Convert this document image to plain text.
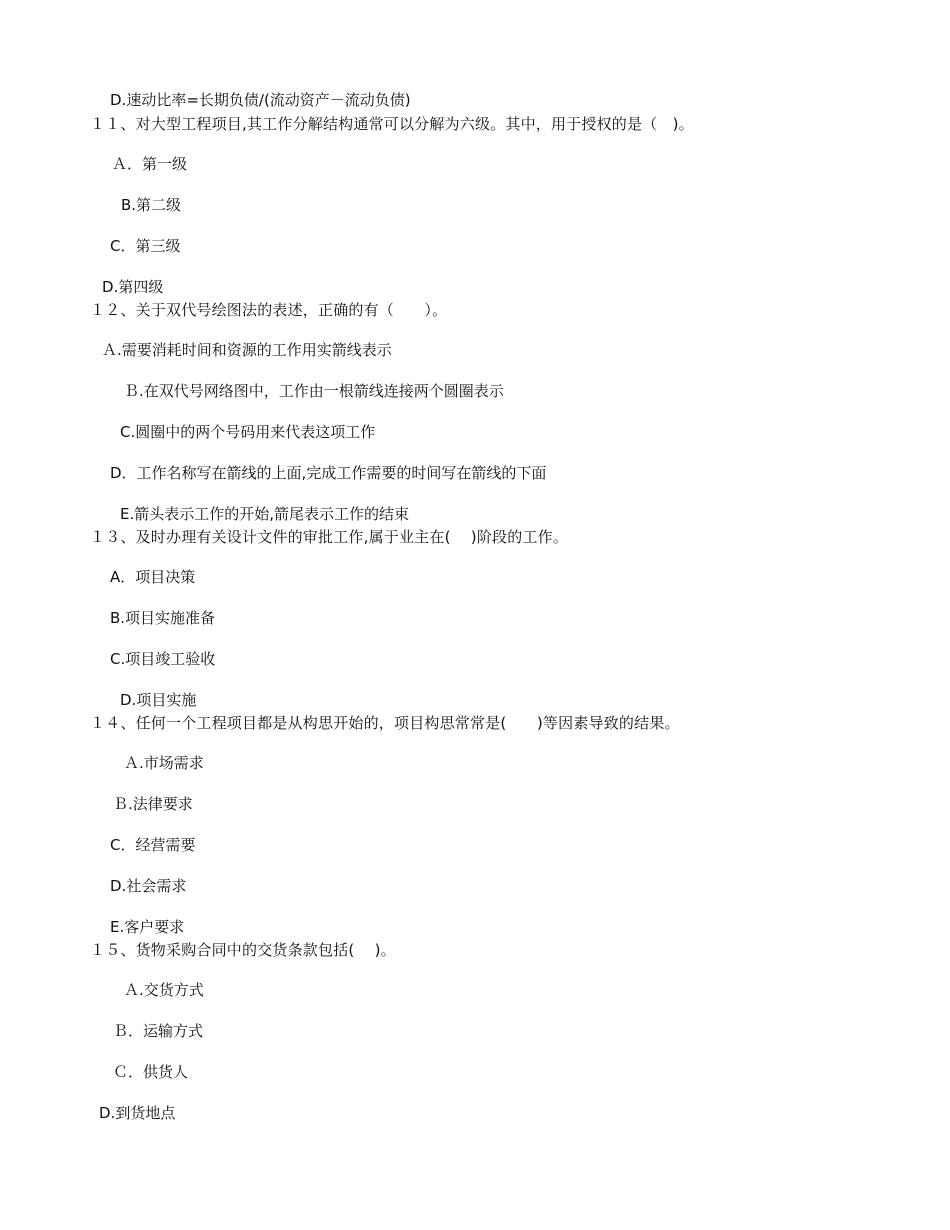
D.速动比率=长期负债/(流动资产－流动负债)
１１、对大型工程项目,其工作分解结构通常可以分解为六级。其中，用于授权的是（　)。
Ａ．第一级
B.第二级
C．第三级
D.第四级
１２、关于双代号绘图法的表述，正确的有（　　）。
Ａ.需要消耗时间和资源的工作用实箭线表示
Ｂ.在双代号网络图中，工作由一根箭线连接两个圆圈表示
C.圆圈中的两个号码用来代表这项工作
D．工作名称写在箭线的上面,完成工作需要的时间写在箭线的下面
E.箭头表示工作的开始,箭尾表示工作的结束
１３、及时办理有关设计文件的审批工作,属于业主在(　 )阶段的工作。
A．项目决策
B.项目实施准备
C.项目竣工验收
D.项目实施
１４、任何一个工程项目都是从构思开始的，项目构思常常是(　　)等因素导致的结果。
Ａ.市场需求
Ｂ.法律要求
C．经营需要
D.社会需求
E.客户要求
１５、货物采购合同中的交货条款包括(　 )。
Ａ.交货方式
Ｂ．运输方式
Ｃ．供货人
D.到货地点
